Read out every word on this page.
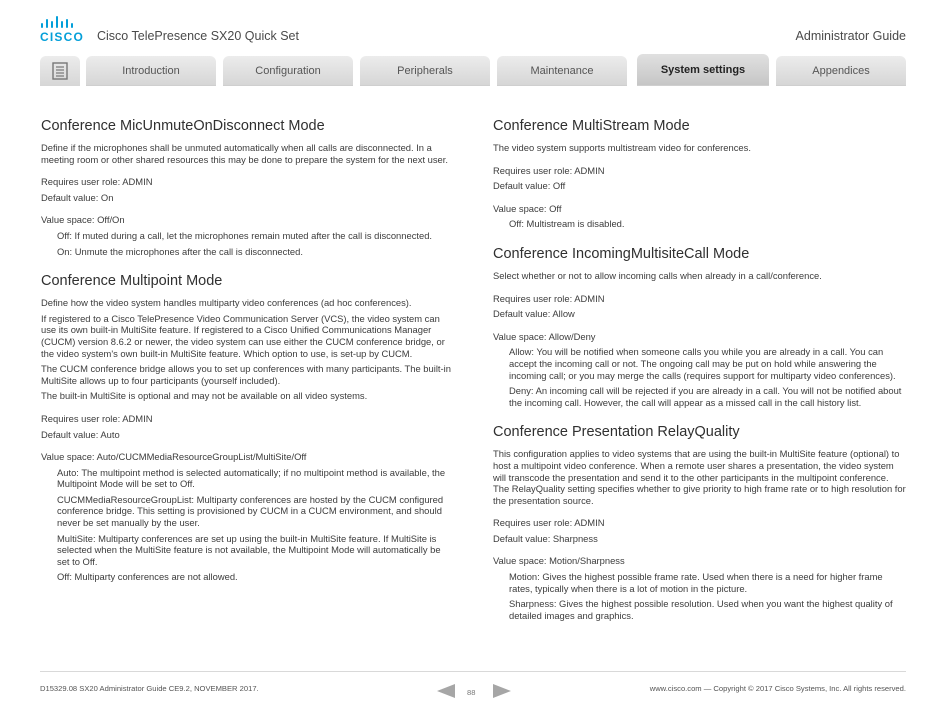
CISCO Cisco TelePresence SX20 Quick Set	Administrator Guide
Introduction	Configuration	Peripherals	Maintenance	System settings	Appendices
Conference MicUnmuteOnDisconnect Mode

Define if the microphones shall be unmuted automatically when all calls are disconnected. In a meeting room or other shared resources this may be done to prepare the system for the next user.

Requires user role: ADMIN

Default value: On

Value space: Off/On

Off: If muted during a call, let the microphones remain muted after the call is disconnected.

On: Unmute the microphones after the call is disconnected.

Conference Multipoint Mode

Define how the video system handles multiparty video conferences (ad hoc conferences).

If registered to a Cisco TelePresence Video Communication Server (VCS), the video system can use its own built-in MultiSite feature. If registered to a Cisco Unified Communications Manager (CUCM) version 8.6.2 or newer, the video system can use either the CUCM conference bridge, or the video system's own built-in MultiSite feature. Which option to use, is set-up by CUCM.

The CUCM conference bridge allows you to set up conferences with many participants. The built-in MultiSite allows up to four participants (yourself included).

The built-in MultiSite is optional and may not be available on all video systems.

Requires user role: ADMIN

Default value: Auto

Value space: Auto/CUCMMediaResourceGroupList/MultiSite/Off

Auto: The multipoint method is selected automatically; if no multipoint method is available, the Multipoint Mode will be set to Off.

CUCMMediaResourceGroupList: Multiparty conferences are hosted by the CUCM configured conference bridge. This setting is provisioned by CUCM in a CUCM environment, and should never be set manually by the user.

MultiSite: Multiparty conferences are set up using the built-in MultiSite feature. If MultiSite is selected when the MultiSite feature is not available, the Multipoint Mode will automatically be set to Off.

Off: Multiparty conferences are not allowed.

Conference MultiStream Mode

The video system supports multistream video for conferences.

Requires user role: ADMIN

Default value: Off

Value space: Off

Off: Multistream is disabled.

Conference IncomingMultisiteCall Mode

Select whether or not to allow incoming calls when already in a call/conference.

Requires user role: ADMIN

Default value: Allow

Value space: Allow/Deny

Allow: You will be notified when someone calls you while you are already in a call. You can accept the incoming call or not. The ongoing call may be put on hold while answering the incoming call; or you may merge the calls (requires support for multiparty video conferences).

Deny: An incoming call will be rejected if you are already in a call. You will not be notified about the incoming call. However, the call will appear as a missed call in the call history list.

Conference Presentation RelayQuality

This configuration applies to video systems that are using the built-in MultiSite feature (optional) to host a multipoint video conference. When a remote user shares a presentation, the video system will transcode the presentation and send it to the other participants in the multipoint conference. The RelayQuality setting specifies whether to give priority to high frame rate or to high resolution for the presentation source.

Requires user role: ADMIN

Default value: Sharpness

Value space: Motion/Sharpness

Motion: Gives the highest possible frame rate. Used when there is a need for higher frame rates, typically when there is a lot of motion in the picture.

Sharpness: Gives the highest possible resolution. Used when you want the highest quality of detailed images and graphics.

D15329.08 SX20 Administrator Guide CE9.2, NOVEMBER 2017.	88	www.cisco.com — Copyright © 2017 Cisco Systems, Inc. All rights reserved.
